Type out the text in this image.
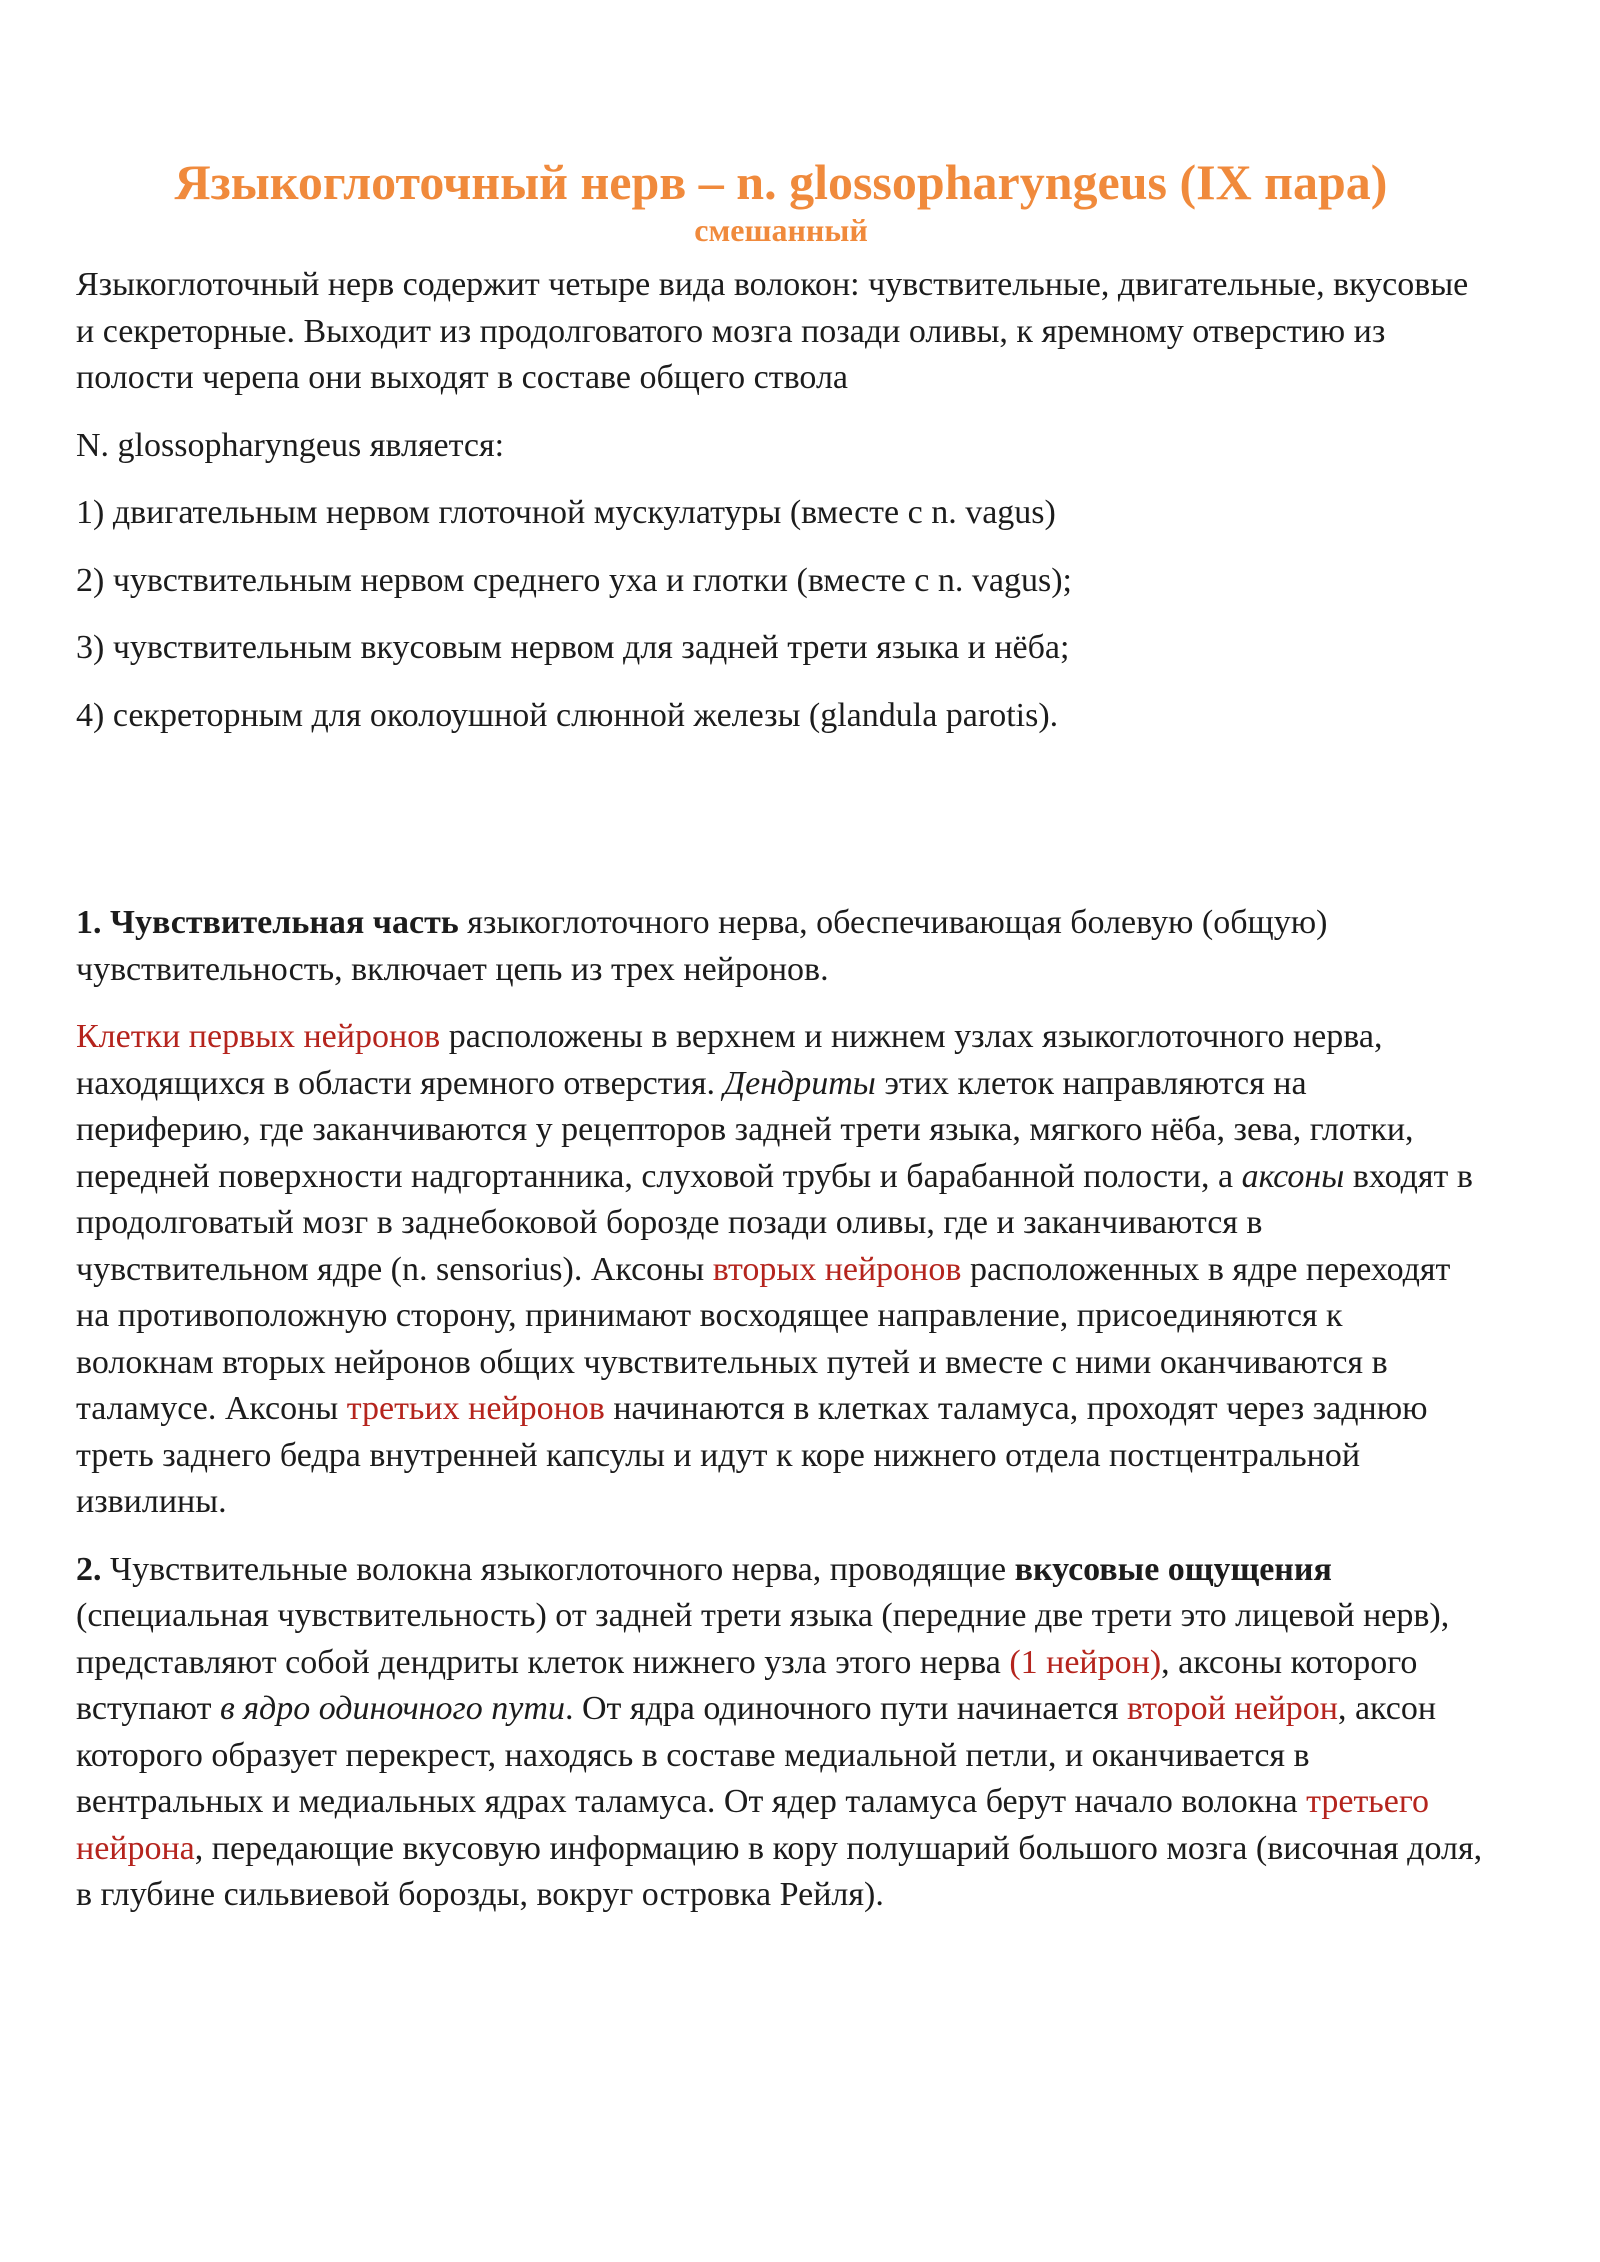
Языкоглоточный нерв – n. glossopharyngeus (IX пара)
смешанный

Языкоглоточный нерв содержит четыре вида волокон: чувствительные, двигательные, вкусовые и секреторные. Выходит из продолговатого мозга позади оливы, к яремному отверстию из полости черепа они выходят в составе общего ствола

N. glossopharyngeus является:

1) двигательным нервом глоточной мускулатуры (вместе с n. vagus)

2) чувствительным нервом среднего уха и глотки (вместе с n. vagus);

3) чувствительным вкусовым нервом для задней трети языка и нёба;

4) секреторным для околоушной слюнной железы (glandula parotis).

1. Чувствительная часть языкоглоточного нерва, обеспечивающая болевую (общую) чувствительность, включает цепь из трех нейронов.

Клетки первых нейронов расположены в верхнем и нижнем узлах языкоглоточного нерва, находящихся в области яремного отверстия. Дендриты этих клеток направляются на периферию, где заканчиваются у рецепторов задней трети языка, мягкого нёба, зева, глотки, передней поверхности надгортанника, слуховой трубы и барабанной полости, а аксоны входят в продолговатый мозг в заднебоковой борозде позади оливы, где и заканчиваются в чувствительном ядре (n. sensorius). Аксоны вторых нейронов расположенных в ядре переходят на противоположную сторону, принимают восходящее направление, присоединяются к волокнам вторых нейронов общих чувствительных путей и вместе с ними оканчиваются в таламусе. Аксоны третьих нейронов начинаются в клетках таламуса, проходят через заднюю треть заднего бедра внутренней капсулы и идут к коре нижнего отдела постцентральной извилины.

2. Чувствительные волокна языкоглоточного нерва, проводящие вкусовые ощущения (специальная чувствительность) от задней трети языка (передние две трети это лицевой нерв), представляют собой дендриты клеток нижнего узла этого нерва (1 нейрон), аксоны которого вступают в ядро одиночного пути. От ядра одиночного пути начинается второй нейрон, аксон которого образует перекрест, находясь в составе медиальной петли, и оканчивается в вентральных и медиальных ядрах таламуса. От ядер таламуса берут начало волокна третьего нейрона, передающие вкусовую информацию в кору полушарий большого мозга (височная доля, в глубине сильвиевой борозды, вокруг островка Рейля).
